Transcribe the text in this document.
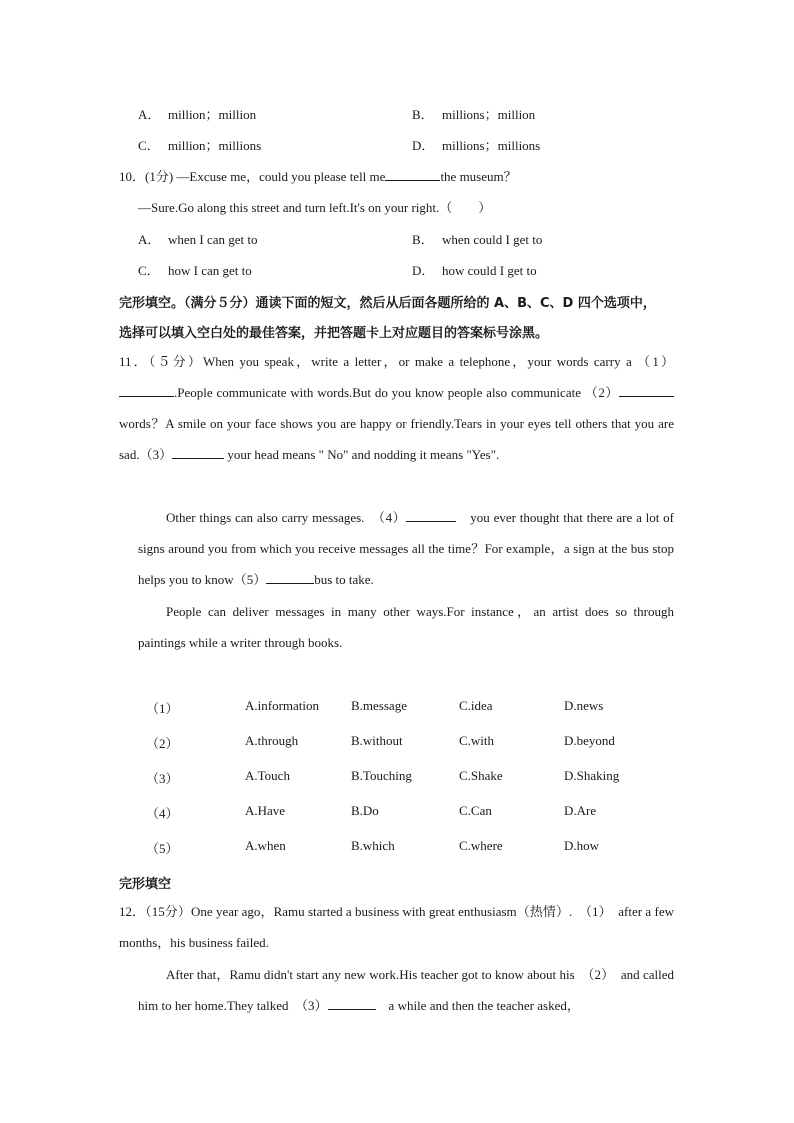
A． million；million	B． millions；million
C． million；millions	D． millions；millions
10．(1分) —Excuse me，could you please tell me	the museum？
—Sure.Go along this street and turn left.It's on your right.（　　）
A． when I can get to	B． when could I get to
C． how I can get to	D． how could I get to
完形填空。（满分５分）通读下面的短文，然后从后面各题所给的 A、B、C、D 四个选项中，
选择可以填入空白处的最佳答案，并把答题卡上对应题目的答案标号涂黑。
11．（５分）When you speak，write a letter，or make a telephone，your words carry a （1）.People communicate with words.But do you know people also communicate （2）words？A smile on your face shows you are happy or friendly.Tears in your eyes tell others that you are sad.（3）	your head means " No" and nodding it means "Yes".
Other things can also carry messages.　（4）	　you ever thought that there are a lot of signs around you from which you receive messages all the time？For example，a sign at the bus stop helps you to know（5）	bus to take.
People can deliver messages in many other ways.For instance，an artist does so through paintings while a writer through books.
（1）	A.information B.message	C.idea	D.news
（2）	A.through	B.without	C.with	D.beyond
（3）	A.Touch	B.Touching	C.Shake	D.Shaking
（4）	A.Have	B.Do	C.Can	D.Are
（5）	A.when	B.which	C.where	D.how
完形填空
12．（15分）One year ago，Ramu started a business with great enthusiasm（热情）.　（1）　after a few months，his business failed.
After that，Ramu didn't start any new work.His teacher got to know about his　（2）　and called him to her home.They talked　（3）	　a while and then the teacher asked，
